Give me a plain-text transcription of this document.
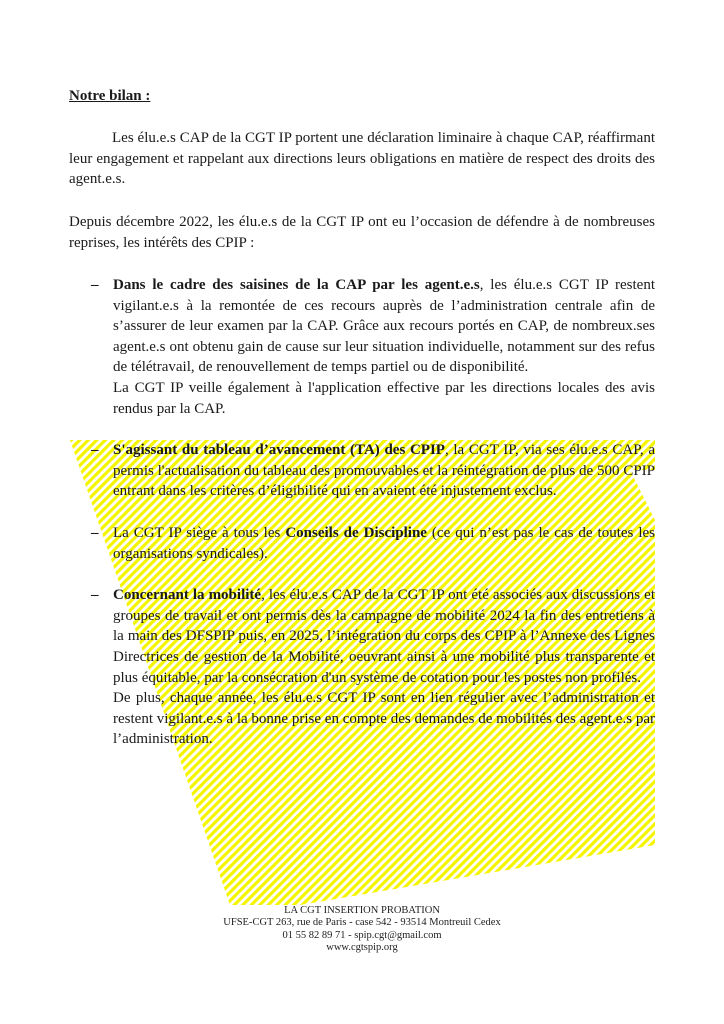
Notre bilan :

Les élu.e.s CAP de la CGT IP portent une déclaration liminaire à chaque CAP, réaffirmant leur engagement et rappelant aux directions leurs obligations en matière de respect des droits des agent.e.s.

Depuis décembre 2022, les élu.e.s de la CGT IP ont eu l’occasion de défendre à de nombreuses reprises, les intérêts des CPIP :

– Dans le cadre des saisines de la CAP par les agent.e.s, les élu.e.s CGT IP restent vigilant.e.s à la remontée de ces recours auprès de l’administration centrale afin de s’assurer de leur examen par la CAP. Grâce aux recours portés en CAP, de nombreux.ses agent.e.s ont obtenu gain de cause sur leur situation individuelle, notamment sur des refus de télétravail, de renouvellement de temps partiel ou de disponibilité.

La CGT IP veille également à l'application effective par les directions locales des avis rendus par la CAP.

– S'agissant du tableau d’avancement (TA) des CPIP, la CGT IP, via ses élu.e.s CAP, a permis l'actualisation du tableau des promouvables et la réintégration de plus de 500 CPIP entrant dans les critères d’éligibilité qui en avaient été injustement exclus.

– La CGT IP siège à tous les Conseils de Discipline (ce qui n’est pas le cas de toutes les organisations syndicales).

– Concernant la mobilité, les élu.e.s CAP de la CGT IP ont été associés aux discussions et groupes de travail et ont permis dès la campagne de mobilité 2024 la fin des entretiens à la main des DFSPIP puis, en 2025, l’intégration du corps des CPIP à l’Annexe des Lignes Directrices de gestion de la Mobilité, oeuvrant ainsi à une mobilité plus transparente et plus équitable, par la consécration d'un système de cotation pour les postes non profilés.

De plus, chaque année, les élu.e.s CGT IP sont en lien régulier avec l’administration et restent vigilant.e.s à la bonne prise en compte des demandes de mobilités des agent.e.s par l’administration.

LA CGT INSERTION PROBATION
UFSE-CGT 263, rue de Paris - case 542 - 93514 Montreuil Cedex
01 55 82 89 71 - spip.cgt@gmail.com
www.cgtspip.org
